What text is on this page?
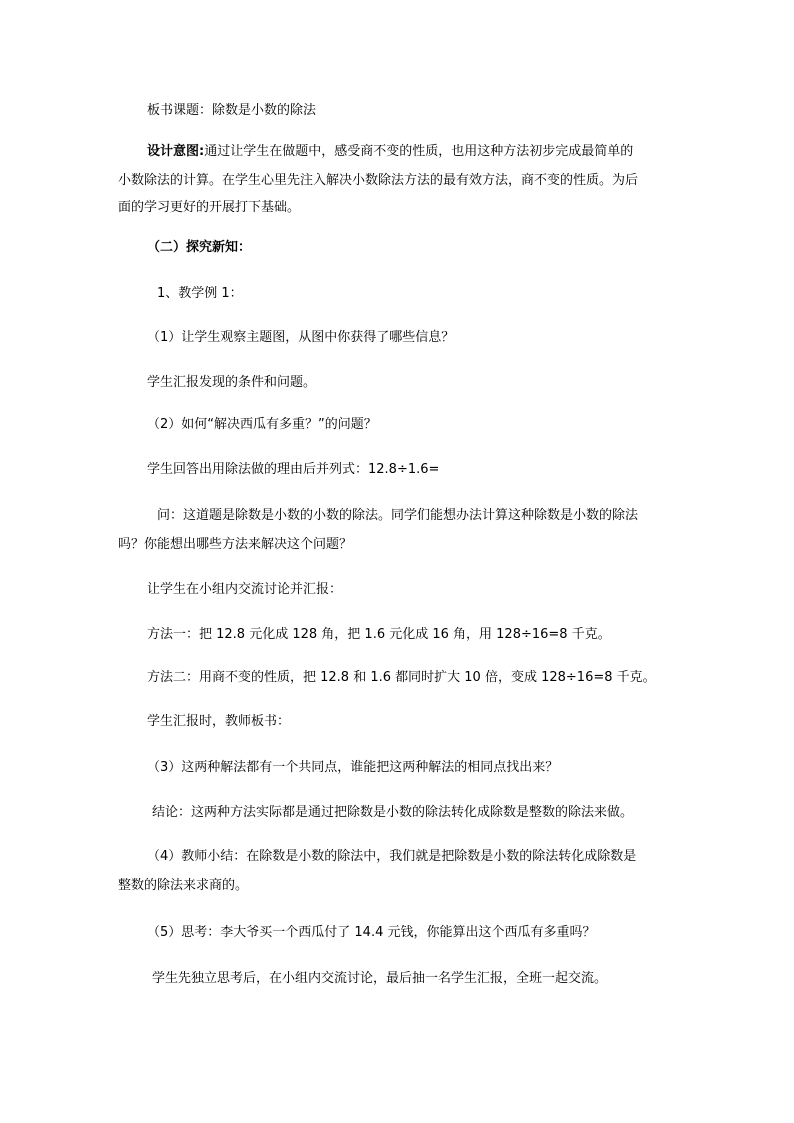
板书课题：除数是小数的除法
设计意图:通过让学生在做题中，感受商不变的性质，也用这种方法初步完成最简单的
小数除法的计算。在学生心里先注入解决小数除法方法的最有效方法，商不变的性质。为后
面的学习更好的开展打下基础。
（二）探究新知：
1、教学例 1：
（1）让学生观察主题图，从图中你获得了哪些信息？
学生汇报发现的条件和问题。
（2）如何“解决西瓜有多重？”的问题？
学生回答出用除法做的理由后并列式：12.8÷1.6=
问：这道题是除数是小数的小数的除法。同学们能想办法计算这种除数是小数的除法
吗？你能想出哪些方法来解决这个问题？
让学生在小组内交流讨论并汇报：
方法一：把 12.8 元化成 128 角，把 1.6 元化成 16 角，用 128÷16=8 千克。
方法二：用商不变的性质，把 12.8 和 1.6 都同时扩大 10 倍，变成 128÷16=8 千克。
学生汇报时，教师板书：
（3）这两种解法都有一个共同点，谁能把这两种解法的相同点找出来？
结论：这两种方法实际都是通过把除数是小数的除法转化成除数是整数的除法来做。
（4）教师小结：在除数是小数的除法中，我们就是把除数是小数的除法转化成除数是
整数的除法来求商的。
（5）思考：李大爷买一个西瓜付了 14.4 元钱，你能算出这个西瓜有多重吗？
学生先独立思考后，在小组内交流讨论，最后抽一名学生汇报，全班一起交流。
